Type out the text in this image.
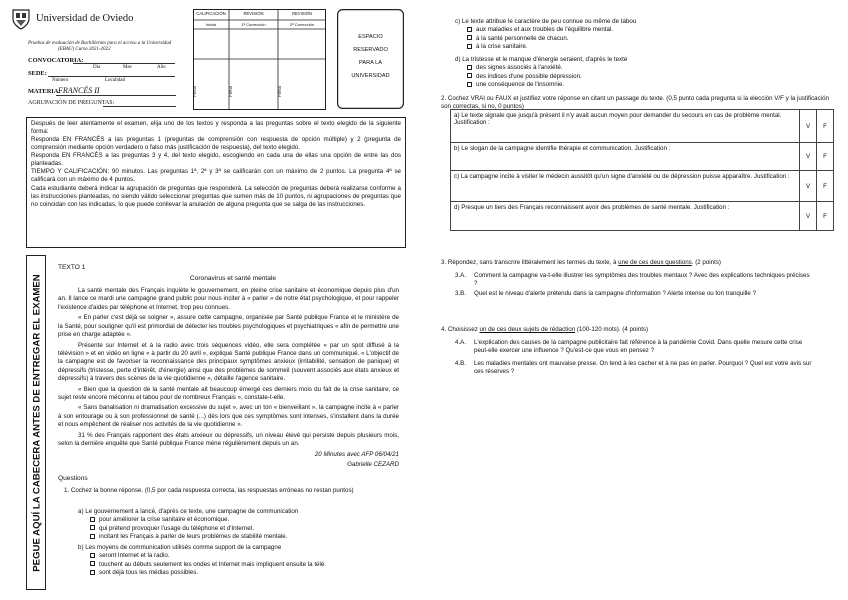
Universidad de Oviedo
Pruebas de evaluación de Bachillerato para el acceso a la Universidad
(EBAU) Curso 2021-2022
CONVOCATORIA:
Día	Mes	Año
SEDE:
Número	Localidad
MATERIA:
FRANCÉS II
AGRUPACIÓN DE PREGUNTAS:
CALIFICACIÓN	REVISIÓN	REVISIÓN
Inicial	1ª Corrección	2ª Corrección
Firma	Firma	Firma
ESPACIO
RESERVADO
PARA LA
UNIVERSIDAD

Después de leer atentamente el examen, elija uno de los textos y responda a las preguntas sobre el texto elegido de la siguiente forma:

Responda EN FRANCÉS a las preguntas 1 (preguntas de comprensión con respuesta de opción múltiple) y 2 (pregunta de comprensión mediante opción verdadero o falso más justificación de respuesta), del texto elegido.

Responda EN FRANCÉS a las preguntas 3 y 4, del texto elegido, escogiendo en cada una de ellas una opción de entre las dos planteadas.

TIEMPO Y CALIFICACIÓN: 90 minutos. Las preguntas 1ª, 2ª y 3ª se calificarán con un máximo de 2 puntos. La pregunta 4ª se calificará con un máximo de 4 puntos.

Cada estudiante deberá indicar la agrupación de preguntas que responderá. La selección de preguntas deberá realizarse conforme a las instrucciones planteadas, no siendo válido seleccionar preguntas que sumen más de 10 puntos, ni agrupaciones de preguntas que no coincidan con las indicadas, lo que puede conllevar la anulación de alguna pregunta que se salga de las instrucciones.

PEGUE AQUÍ LA CABECERA ANTES DE ENTREGAR EL EXAMEN
TEXTO 1
Coronavirus et santé mentale

La santé mentale des Français inquiète le gouvernement, en pleine crise sanitaire et économique depuis plus d'un an. Il lance ce mardi une campagne grand public pour nous inciter à « parler » de notre état psychologique, et pour rappeler l'existence d'aides par téléphone et Internet, trop peu connues.

« En parler c'est déjà se soigner », assure cette campagne, organisée par Santé publique France et le ministère de la Santé, pour souligner qu'il est primordial de détecter les troubles psychologiques et psychiatriques « afin de permettre une prise en charge adaptée ».

Présente sur Internet et à la radio avec trois séquences vidéo, elle sera complétée « par un spot diffusé à la télévision » et en vidéo en ligne « à partir du 20 avril », explique Santé publique France dans un communiqué. « L'objectif de la campagne est de favoriser la reconnaissance des principaux symptômes anxieux (irritabilité, sensation de panique) et dépressifs (tristesse, perte d'intérêt, d'énergie) ainsi que des problèmes de sommeil (souvent associés aux états anxieux et dépressifs) à travers des scènes de la vie quotidienne », détaille l'agence sanitaire.

« Bien que la question de la santé mentale ait beaucoup émergé ces derniers mois du fait de la crise sanitaire, ce sujet reste encore méconnu et tabou pour de nombreux Français », constate-t-elle.

« Sans banalisation ni dramatisation excessive du sujet », avec un ton « bienveillant », la campagne incite à « parler à son entourage ou à son professionnel de santé (...) dès lors que ces symptômes sont intenses, s'installent dans la durée et nous empêchent de réaliser nos activités de la vie quotidienne ».

31 % des Français rapportent des états anxieux ou dépressifs, un niveau élevé qui persiste depuis plusieurs mois, selon la dernière enquête que Santé publique France mène régulièrement depuis un an.

20 Minutes avec AFP 06/04/21

Gabrielle CEZARD

Questions
1. Cochez la bonne réponse. (0,5 por cada respuesta correcta, las respuestas erróneas no restan puntos)
a) Le gouvernement a lancé, d'après ce texte, une campagne de communication
pour améliorer la crise sanitaire et économique.
qui prétend provoquer l'usage du téléphone et d'Internet.
incitant les Français à parler de leurs problèmes de stabilité mentale.
b) Les moyens de communication utilisés comme support de la campagne
seront Internet et la radio.
touchent au débuts seulement les ondes et Internet mais impliquent ensuite la télé.
sont déjà tous les médias possibles.
c) Le texte attribue le caractère de peu connue ou même de tabou
aux maladies et aux troubles de l'équilibre mental.
à la santé personnelle de chacun.
à la crise sanitaire.
d) La tristesse et le manque d'énergie seraient, d'après le texte
des signes associés à l'anxiété.
des indices d'une possible dépression.
une conséquence de l'insomnie.
2. Cochez VRAI ou FAUX et justifiez votre réponse en citant un passage du texte. (0,5 punto cada pregunta si la elección V/F y la justificación son correctas, si no, 0 puntos)
a) Le texte signale que jusqu'à présent il n'y avait aucun moyen pour demander du secours en cas de problème mental. Justification :	V	F
b) Le slogan de la campagne identifie thérapie et communication. Justification :	V	F
c) La campagne incite à visiter le médecin aussitôt qu'un signe d'anxiété ou de dépression puisse apparaître. Justification :	V	F
d) Presque un tiers des Français reconnaissent avoir des problèmes de santé mentale. Justification :	V	F
3. Répondez, sans transcrire littéralement les termes du texte, à une de ces deux questions. (2 points)
3.A. Comment la campagne va-t-elle illustrer les symptômes des troubles mentaux ? Avec des explications techniques précises ?
3.B. Quel est le niveau d'alerte prétendu dans la campagne d'information ? Alerte intense ou ton tranquille ?
4. Choisissez un de ces deux sujets de rédaction (100-120 mots). (4 points)
4.A. L'explication des causes de la campagne publicitaire fait référence à la pandémie Covid. Dans quelle mesure cette crise peut-elle exercer une influence ? Qu'est-ce que vous en pensez ?
4.B. Les maladies mentales ont mauvaise presse. On tend à les cacher et à ne pas en parler. Pourquoi ? Quel est votre avis sur ces réserves ?
